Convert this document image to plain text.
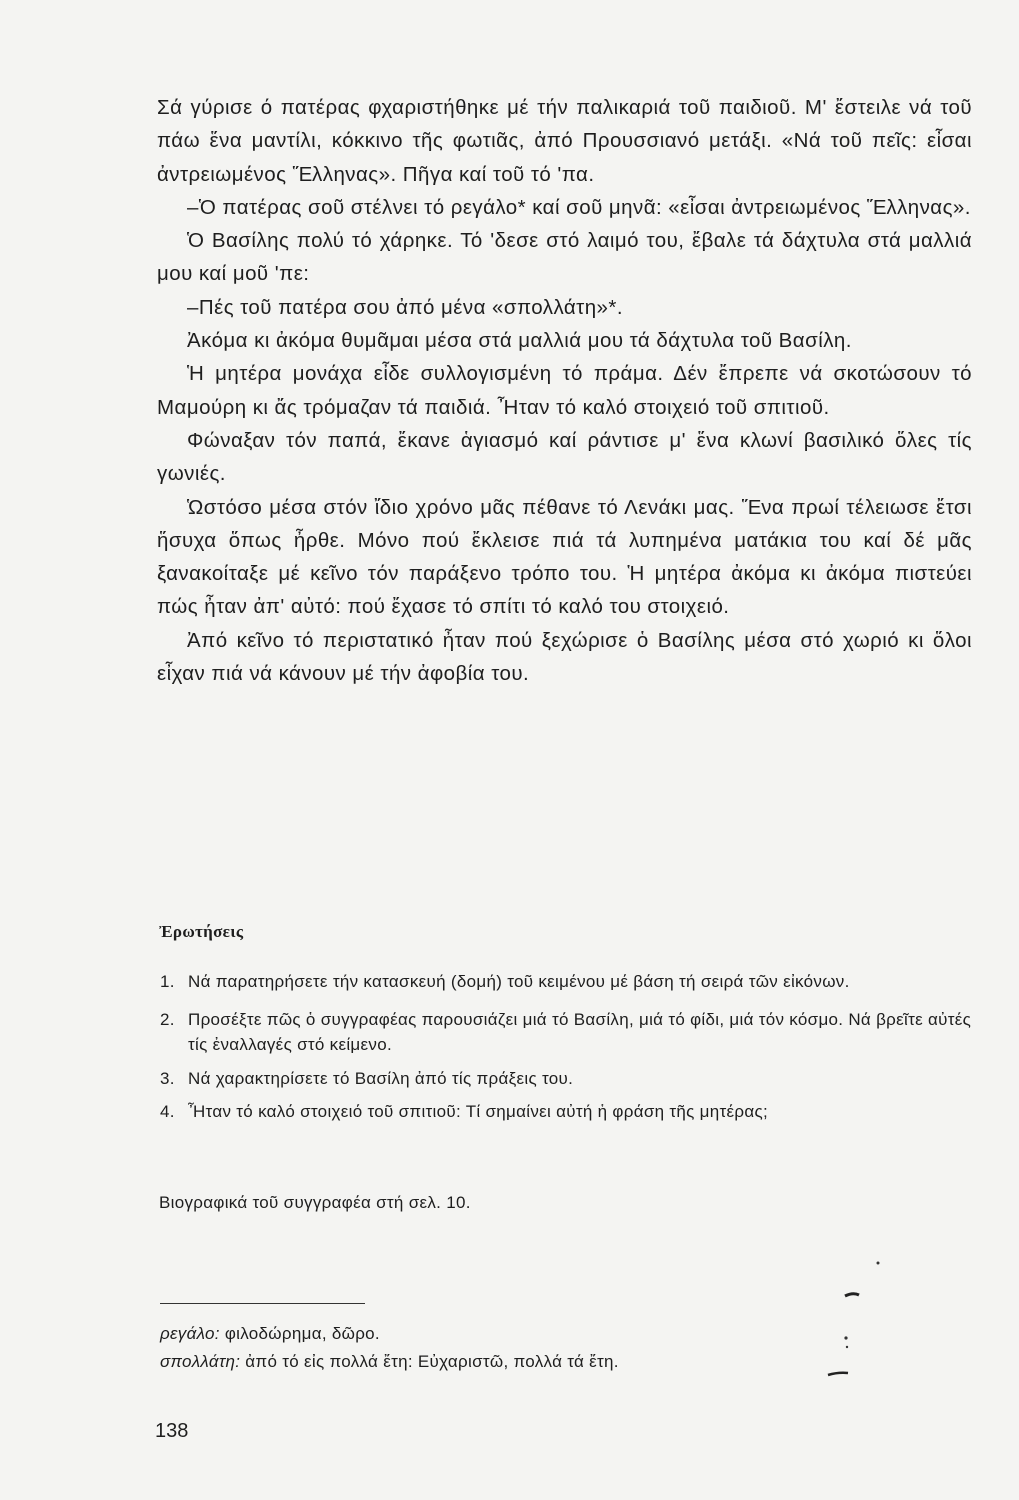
Σά γύρισε ό πατέρας φχαριστήθηκε μέ τήν παλικαριά τοῦ παιδιοῦ. Μ' ἔστειλε νά τοῦ πάω ἕνα μαντίλι, κόκκινο τῆς φωτιᾶς, ἀπό Προυσσιανό μετάξι. «Νά τοῦ πεῖς: εἶσαι ἀντρειωμένος Ἕλληνας». Πῆγα καί τοῦ τό 'πα.

–Ὁ πατέρας σοῦ στέλνει τό ρεγάλο* καί σοῦ μηνᾶ: «εἶσαι ἀντρειωμένος Ἕλληνας».

Ὁ Βασίλης πολύ τό χάρηκε. Τό 'δεσε στό λαιμό του, ἔβαλε τά δάχτυλα στά μαλλιά μου καί μοῦ 'πε:

–Πές τοῦ πατέρα σου ἀπό μένα «σπολλάτη»*.

Ἀκόμα κι ἀκόμα θυμᾶμαι μέσα στά μαλλιά μου τά δάχτυλα τοῦ Βασίλη.

Ἡ μητέρα μονάχα εἶδε συλλογισμένη τό πράμα. Δέν ἔπρεπε νά σκοτώσουν τό Μαμούρη κι ἄς τρόμαζαν τά παιδιά. Ἦταν τό καλό στοιχειό τοῦ σπιτιοῦ.

Φώναξαν τόν παπά, ἔκανε ἁγιασμό καί ράντισε μ' ἕνα κλωνί βασιλικό ὅλες τίς γωνιές.

Ὡστόσο μέσα στόν ἴδιο χρόνο μᾶς πέθανε τό Λενάκι μας. Ἕνα πρωί τέλειωσε ἔτσι ἥσυχα ὅπως ἦρθε. Μόνο πού ἔκλεισε πιά τά λυπημένα ματάκια του καί δέ μᾶς ξανακοίταξε μέ κεῖνο τόν παράξενο τρόπο του. Ἡ μητέρα ἀκόμα κι ἀκόμα πιστεύει πώς ἦταν ἀπ' αὐτό: πού ἔχασε τό σπίτι τό καλό του στοιχειό.

Ἀπό κεῖνο τό περιστατικό ἦταν πού ξεχώρισε ὁ Βασίλης μέσα στό χωριό κι ὅλοι εἶχαν πιά νά κάνουν μέ τήν ἀφοβία του.

Ἐρωτήσεις
1. Νά παρατηρήσετε τήν κατασκευή (δομή) τοῦ κειμένου μέ βάση τή σειρά τῶν εἰκόνων.
2. Προσέξτε πῶς ὁ συγγραφέας παρουσιάζει μιά τό Βασίλη, μιά τό φίδι, μιά τόν κόσμο. Νά βρεῖτε αὐτές τίς ἐναλλαγές στό κείμενο.
3. Νά χαρακτηρίσετε τό Βασίλη ἀπό τίς πράξεις του.
4. Ἦταν τό καλό στοιχειό τοῦ σπιτιοῦ: Τί σημαίνει αὐτή ἡ φράση τῆς μητέρας;
Βιογραφικά τοῦ συγγραφέα στή σελ. 10.
ρεγάλο: φιλοδώρημα, δῶρο.
σπολλάτη: ἀπό τό εἰς πολλά ἔτη: Εὐχαριστῶ, πολλά τά ἔτη.
138
